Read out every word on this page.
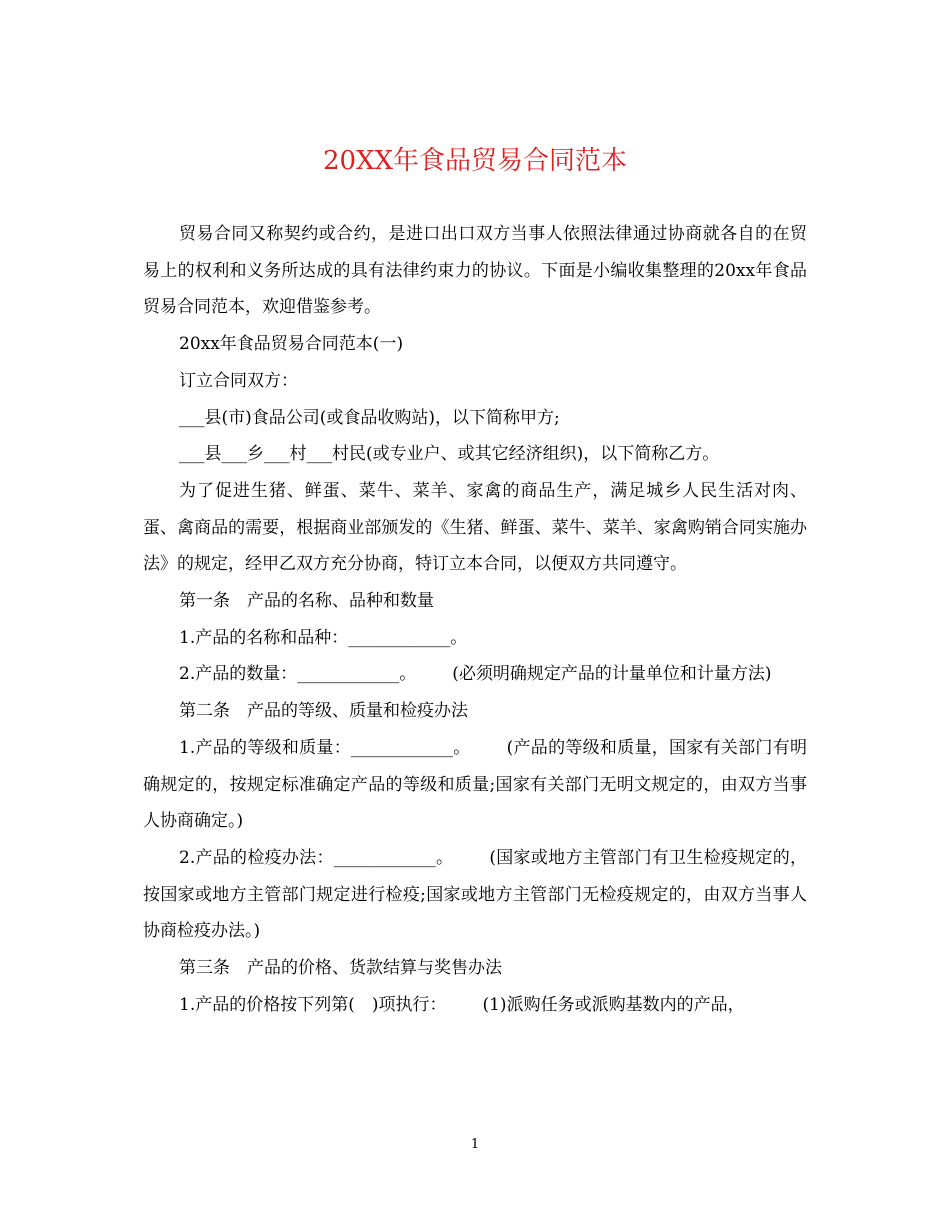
20XX年食品贸易合同范本

贸易合同又称契约或合约，是进口出口双方当事人依照法律通过协商就各自的在贸易上的权利和义务所达成的具有法律约束力的协议。下面是小编收集整理的20xx年食品贸易合同范本，欢迎借鉴参考。

20xx年食品贸易合同范本(一)

订立合同双方：

___县(市)食品公司(或食品收购站)，以下简称甲方;

___县___乡___村___村民(或专业户、或其它经济组织)，以下简称乙方。

为了促进生猪、鲜蛋、菜牛、菜羊、家禽的商品生产，满足城乡人民生活对肉、蛋、禽商品的需要，根据商业部颁发的《生猪、鲜蛋、菜牛、菜羊、家禽购销合同实施办法》的规定，经甲乙双方充分协商，特订立本合同，以便双方共同遵守。

第一条　产品的名称、品种和数量

1.产品的名称和品种：____________。

2.产品的数量：____________。 (必须明确规定产品的计量单位和计量方法)

第二条　产品的等级、质量和检疫办法

1.产品的等级和质量：____________。 (产品的等级和质量，国家有关部门有明确规定的，按规定标准确定产品的等级和质量;国家有关部门无明文规定的，由双方当事人协商确定。)

2.产品的检疫办法：____________。 (国家或地方主管部门有卫生检疫规定的，按国家或地方主管部门规定进行检疫;国家或地方主管部门无检疫规定的，由双方当事人协商检疫办法。)

第三条　产品的价格、货款结算与奖售办法

1.产品的价格按下列第(　)项执行： (1)派购任务或派购基数内的产品，

1
